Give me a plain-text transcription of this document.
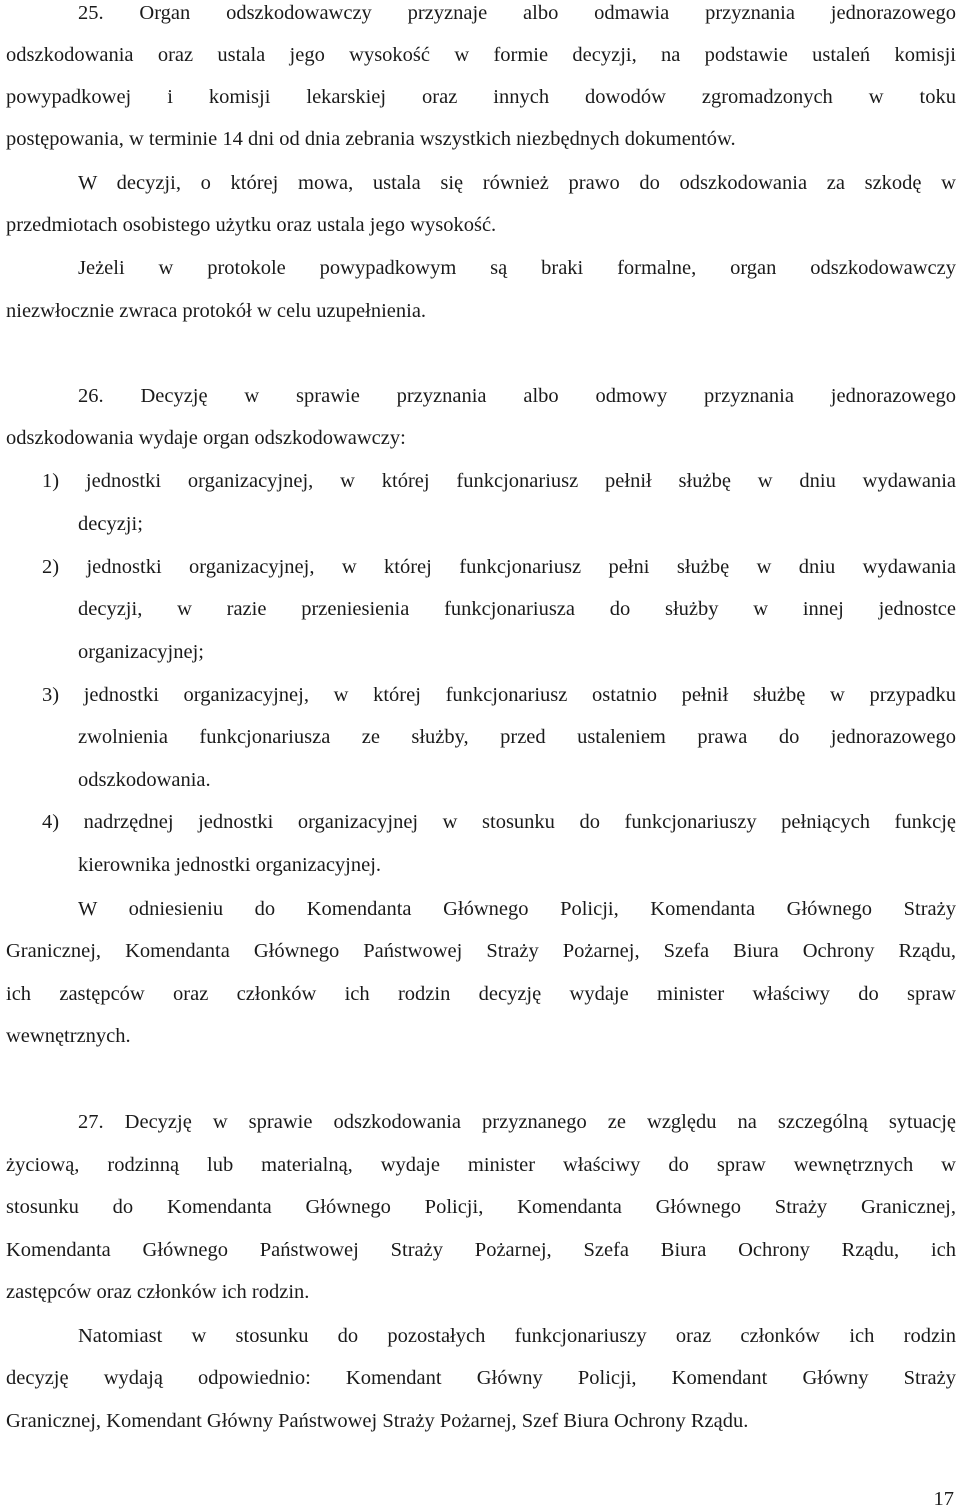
25. Organ odszkodowawczy przyznaje albo odmawia przyznania jednorazowego
odszkodowania oraz ustala jego wysokość w formie decyzji, na podstawie ustaleń komisji
powypadkowej i komisji lekarskiej oraz innych dowodów zgromadzonych w toku
postępowania, w terminie 14 dni od dnia zebrania wszystkich niezbędnych dokumentów.
W decyzji, o której mowa, ustala się również prawo do odszkodowania za szkodę w
przedmiotach osobistego użytku oraz ustala jego wysokość.
Jeżeli w protokole powypadkowym są braki formalne, organ odszkodowawczy
niezwłocznie zwraca protokół w celu uzupełnienia.
26. Decyzję w sprawie przyznania albo odmowy przyznania jednorazowego
odszkodowania wydaje organ odszkodowawczy:
1) jednostki organizacyjnej, w której funkcjonariusz pełnił służbę w dniu wydawania
decyzji;
2) jednostki organizacyjnej, w której funkcjonariusz pełni służbę w dniu wydawania
decyzji, w razie przeniesienia funkcjonariusza do służby w innej jednostce
organizacyjnej;
3) jednostki organizacyjnej, w której funkcjonariusz ostatnio pełnił służbę w przypadku
zwolnienia funkcjonariusza ze służby, przed ustaleniem prawa do jednorazowego
odszkodowania.
4) nadrzędnej jednostki organizacyjnej w stosunku do funkcjonariuszy pełniących funkcję
kierownika jednostki organizacyjnej.
W odniesieniu do Komendanta Głównego Policji, Komendanta Głównego Straży
Granicznej, Komendanta Głównego Państwowej Straży Pożarnej, Szefa Biura Ochrony Rządu,
ich zastępców oraz członków ich rodzin decyzję wydaje minister właściwy do spraw
wewnętrznych.
27. Decyzję w sprawie odszkodowania przyznanego ze względu na szczególną sytuację
życiową, rodzinną lub materialną, wydaje minister właściwy do spraw wewnętrznych w
stosunku do Komendanta Głównego Policji, Komendanta Głównego Straży Granicznej,
Komendanta Głównego Państwowej Straży Pożarnej, Szefa Biura Ochrony Rządu, ich
zastępców oraz członków ich rodzin.
Natomiast w stosunku do pozostałych funkcjonariuszy oraz członków ich rodzin
decyzję wydają odpowiednio: Komendant Główny Policji, Komendant Główny Straży
Granicznej, Komendant Główny Państwowej Straży Pożarnej, Szef Biura Ochrony Rządu.
17
